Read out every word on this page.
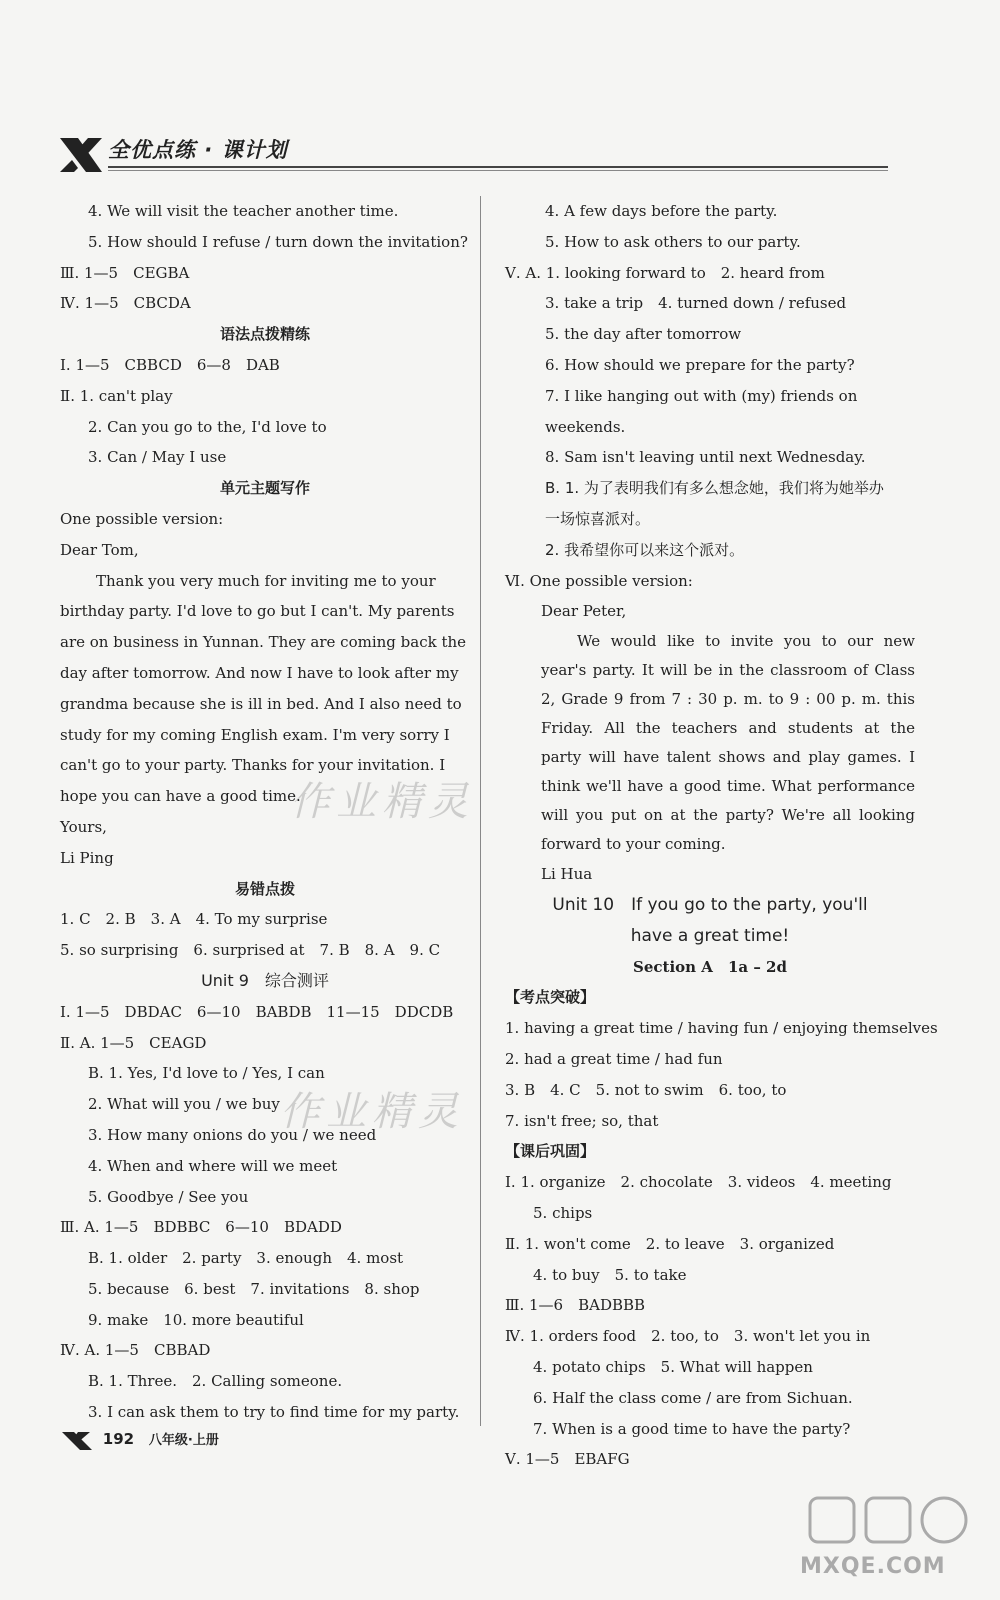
全优点练 · 课计划
4. We will visit the teacher another time.
5. How should I refuse / turn down the invitation?
Ⅲ. 1—5　CEGBA
Ⅳ. 1—5　CBCDA
语法点拨精练
Ⅰ. 1—5　CBBCD　6—8　DAB
Ⅱ. 1. can't play
2. Can you go to the, I'd love to
3. Can / May I use
单元主题写作
One possible version:
Dear Tom,
Thank you very much for inviting me to your birthday party. I'd love to go but I can't. My parents are on business in Yunnan. They are coming back the day after tomorrow. And now I have to look after my grandma because she is ill in bed. And I also need to study for my coming English exam. I'm very sorry I can't go to your party. Thanks for your invitation. I hope you can have a good time.
Yours,
Li Ping
易错点拨
1. C　2. B　3. A　4. To my surprise
5. so surprising　6. surprised at　7. B　8. A　9. C
Unit 9　综合测评
Ⅰ. 1—5　DBDAC　6—10　BABDB　11—15　DDCDB
Ⅱ. A. 1—5　CEAGD
B. 1. Yes, I'd love to / Yes, I can
2. What will you / we buy
3. How many onions do you / we need
4. When and where will we meet
5. Goodbye / See you
Ⅲ. A. 1—5　BDBBC　6—10　BDADD
B. 1. older　2. party　3. enough　4. most
5. because　6. best　7. invitations　8. shop
9. make　10. more beautiful
Ⅳ. A. 1—5　CBBAD
B. 1. Three.　2. Calling someone.
3. I can ask them to try to find time for my party.
4. A few days before the party.
5. How to ask others to our party.
Ⅴ. A. 1. looking forward to　2. heard from
3. take a trip　4. turned down / refused
5. the day after tomorrow
6. How should we prepare for the party?
7. I like hanging out with (my) friends on weekends.
8. Sam isn't leaving until next Wednesday.
B. 1. 为了表明我们有多么想念她，我们将为她举办一场惊喜派对。
2. 我希望你可以来这个派对。
Ⅵ. One possible version:
Dear Peter,
We would like to invite you to our new year's party. It will be in the classroom of Class 2, Grade 9 from 7 : 30 p. m. to 9 : 00 p. m. this Friday. All the teachers and students at the party will have talent shows and play games. I think we'll have a good time. What performance will you put on at the party? We're all looking forward to your coming.
Li Hua
Unit 10　If you go to the party, you'll
have a great time!
Section A　1a – 2d
【考点突破】
1. having a great time / having fun / enjoying themselves
2. had a great time / had fun
3. B　4. C　5. not to swim　6. too, to
7. isn't free; so, that
【课后巩固】
Ⅰ. 1. organize　2. chocolate　3. videos　4. meeting
5. chips
Ⅱ. 1. won't come　2. to leave　3. organized
4. to buy　5. to take
Ⅲ. 1—6　BADBBB
Ⅳ. 1. orders food　2. too, to　3. won't let you in
4. potato chips　5. What will happen
6. Half the class come / are from Sichuan.
7. When is a good time to have the party?
Ⅴ. 1—5　EBAFG
192 八年级·上册
作业精灵
作业精灵
MXQE.COM
